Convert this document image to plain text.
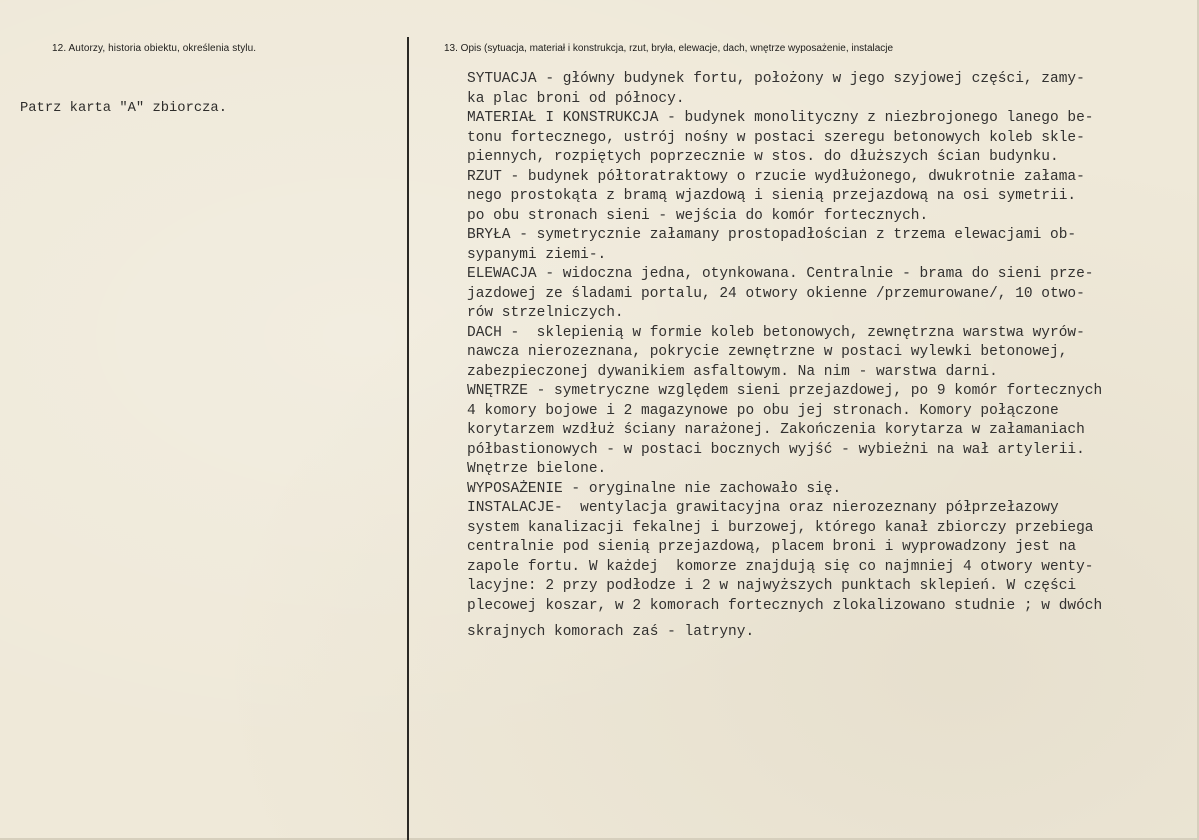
12. Autorzy, historia obiektu, określenia stylu.	13. Opis (sytuacja, materiał i konstrukcja, rzut, bryła, elewacje, dach, wnętrze wyposażenie, instalacje
Patrz karta "A" zbiorcza.
SYTUACJA - główny budynek fortu, położony w jego szyjowej części, zamy-
ka plac broni od północy.
MATERIAŁ I KONSTRUKCJA - budynek monolityczny z niezbrojonego lanego be-
tonu fortecznego, ustrój nośny w postaci szeregu betonowych koleb skle-
piennych, rozpiętych poprzecznie w stos. do dłuższych ścian budynku.
RZUT - budynek półtoratraktowy o rzucie wydłużonego, dwukrotnie załama-
nego prostokąta z bramą wjazdową i sienią przejazdową na osi symetrii.
po obu stronach sieni - wejścia do komór fortecznych.
BRYŁA - symetrycznie załamany prostopadłościan z trzema elewacjami ob-
sypanymi ziemi-.
ELEWACJA - widoczna jedna, otynkowana. Centralnie - brama do sieni prze-
jazdowej ze śladami portalu, 24 otwory okienne /przemurowane/, 10 otwo-
rów strzelniczych.
DACH -  sklepienią w formie koleb betonowych, zewnętrzna warstwa wyrów-
nawcza nierozeznana, pokrycie zewnętrzne w postaci wylewki betonowej,
zabezpieczonej dywanikiem asfaltowym. Na nim - warstwa darni.
WNĘTRZE - symetryczne względem sieni przejazdowej, po 9 komór fortecznych
4 komory bojowe i 2 magazynowe po obu jej stronach. Komory połączone
korytarzem wzdłuż ściany narażonej. Zakończenia korytarza w załamaniach
półbastionowych - w postaci bocznych wyjść - wybieżni na wał artylerii.
Wnętrze bielone.
WYPOSAŻENIE - oryginalne nie zachowało się.
INSTALACJE-  wentylacja grawitacyjna oraz nierozeznany półprzełazowy
system kanalizacji fekalnej i burzowej, którego kanał zbiorczy przebiega
centralnie pod sienią przejazdową, placem broni i wyprowadzony jest na
zapole fortu. W każdej  komorze znajdują się co najmniej 4 otwory wenty-
lacyjne: 2 przy podłodze i 2 w najwyższych punktach sklepień. W części
plecowej koszar, w 2 komorach fortecznych zlokalizowano studnie ; w dwóch
skrajnych komorach zaś - latryny.
